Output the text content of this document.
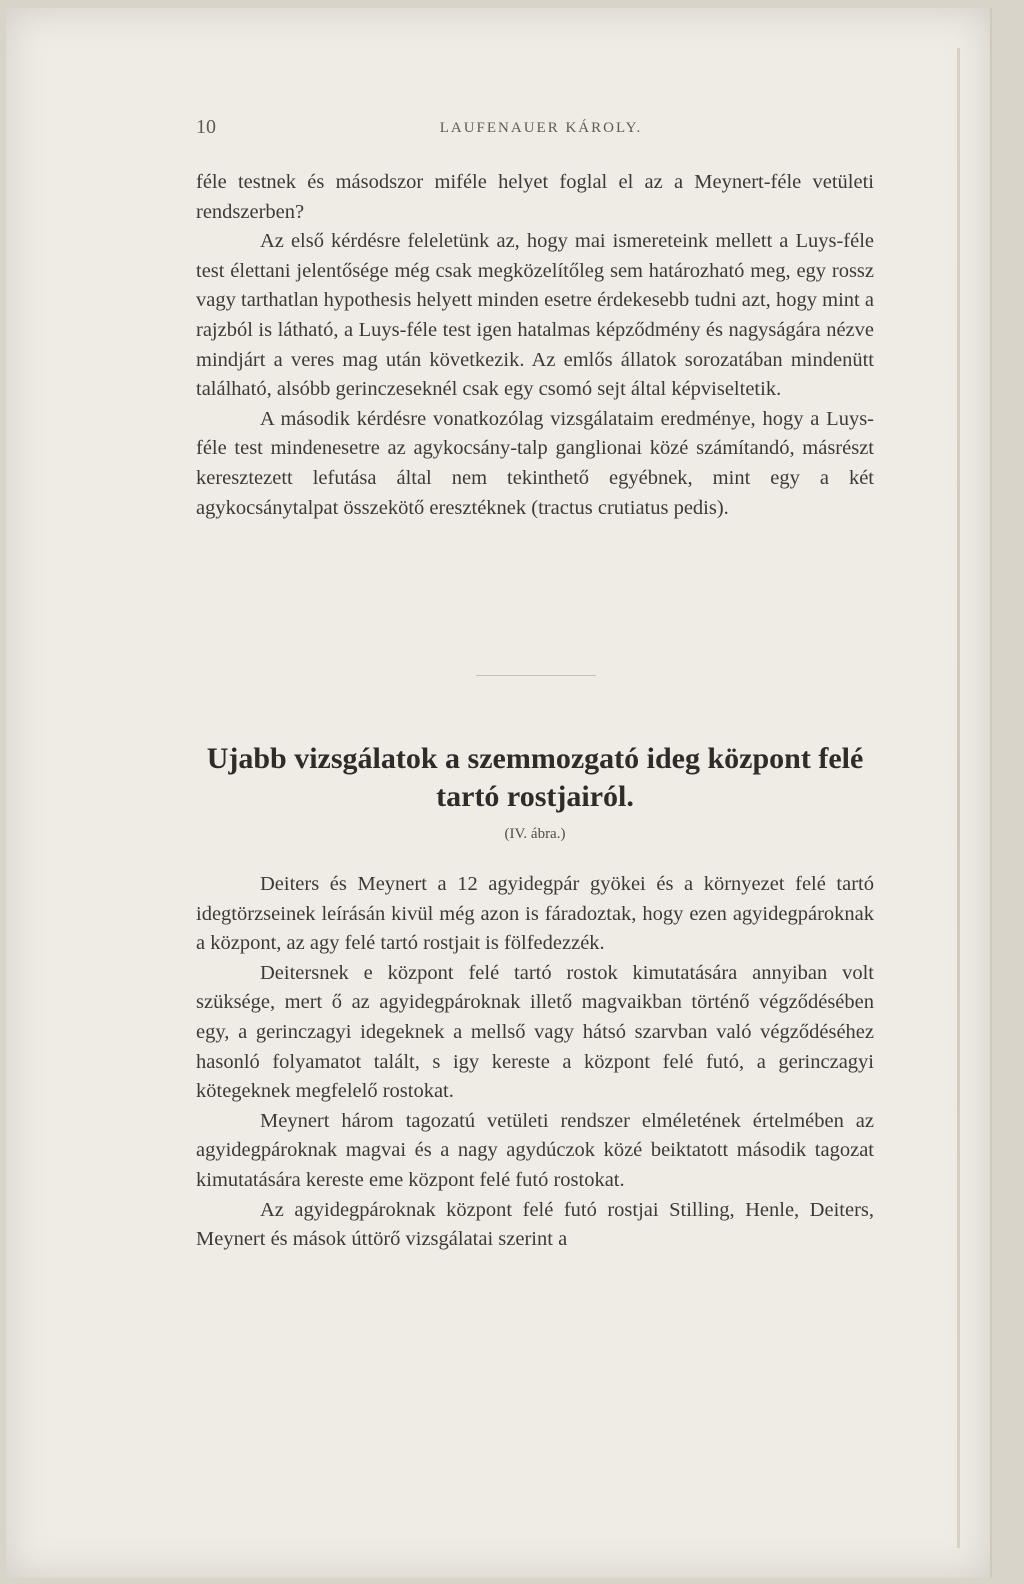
10	LAUFENAUER KÁROLY.

féle testnek és másodszor miféle helyet foglal el az a Meynert-féle vetületi rendszerben?

Az első kérdésre feleletünk az, hogy mai ismereteink mellett a Luys-féle test élettani jelentősége még csak megközelítőleg sem határozható meg, egy rossz vagy tarthatlan hypothesis helyett minden esetre érdekesebb tudni azt, hogy mint a rajzból is látható, a Luys-féle test igen hatalmas képződmény és nagyságára nézve mindjárt a veres mag után következik. Az emlős állatok sorozatában mindenütt található, alsóbb gerinczeseknél csak egy csomó sejt által képviseltetik.

A második kérdésre vonatkozólag vizsgálataim eredménye, hogy a Luys-féle test mindenesetre az agykocsány-talp ganglionai közé számítandó, másrészt keresztezett lefutása által nem tekinthető egyébnek, mint egy a két agykocsánytalpat összekötő eresztéknek (tractus crutiatus pedis).

Ujabb vizsgálatok a szemmozgató ideg központ felé tartó rostjairól.
(IV. ábra.)

Deiters és Meynert a 12 agyidegpár gyökei és a környezet felé tartó idegtörzseinek leírásán kivül még azon is fáradoztak, hogy ezen agyidegpároknak a központ, az agy felé tartó rostjait is fölfedezzék.

Deitersnek e központ felé tartó rostok kimutatására annyiban volt szüksége, mert ő az agyidegpároknak illető magvaikban történő végződésében egy, a gerinczagyi idegeknek a mellső vagy hátsó szarvban való végződéséhez hasonló folyamatot talált, s igy kereste a központ felé futó, a gerinczagyi kötegeknek megfelelő rostokat.

Meynert három tagozatú vetületi rendszer elméletének értelmében az agyidegpároknak magvai és a nagy agydúczok közé beiktatott második tagozat kimutatására kereste eme központ felé futó rostokat.

Az agyidegpároknak központ felé futó rostjai Stilling, Henle, Deiters, Meynert és mások úttörő vizsgálatai szerint a
